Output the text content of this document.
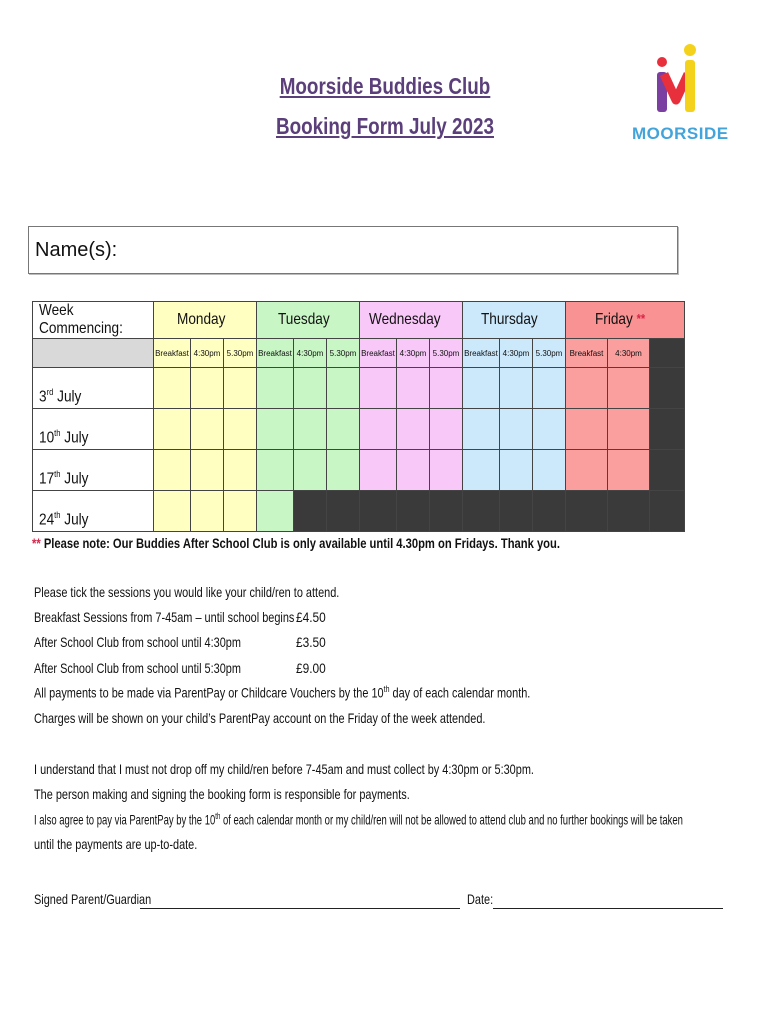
Moorside Buddies Club
Booking Form July 2023	MOORSIDE
Name(s):
Week Commencing:	Monday			Tuesday			Wednesday			Thursday			Friday **
	Breakfast	4:30pm	5.30pm	Breakfast	4:30pm	5.30pm	Breakfast	4:30pm	5.30pm	Breakfast	4:30pm	5.30pm	Breakfast	4:30pm	
3rd July															
10th July															
17th July															
24th July															
** Please note: Our Buddies After School Club is only available until 4.30pm on Fridays. Thank you.
Please tick the sessions you would like your child/ren to attend.
Breakfast Sessions from 7-45am – until school begins £4.50
After School Club from school until 4:30pm	£3.50
After School Club from school until 5:30pm	£9.00
All payments to be made via ParentPay or Childcare Vouchers by the 10th day of each calendar month.
Charges will be shown on your child’s ParentPay account on the Friday of the week attended.
I understand that I must not drop off my child/ren before 7-45am and must collect by 4:30pm or 5:30pm.
The person making and signing the booking form is responsible for payments.
I also agree to pay via ParentPay by the 10th of each calendar month or my child/ren will not be allowed to attend club and no further bookings will be taken
until the payments are up-to-date.
Signed Parent/Guardian	Date:
